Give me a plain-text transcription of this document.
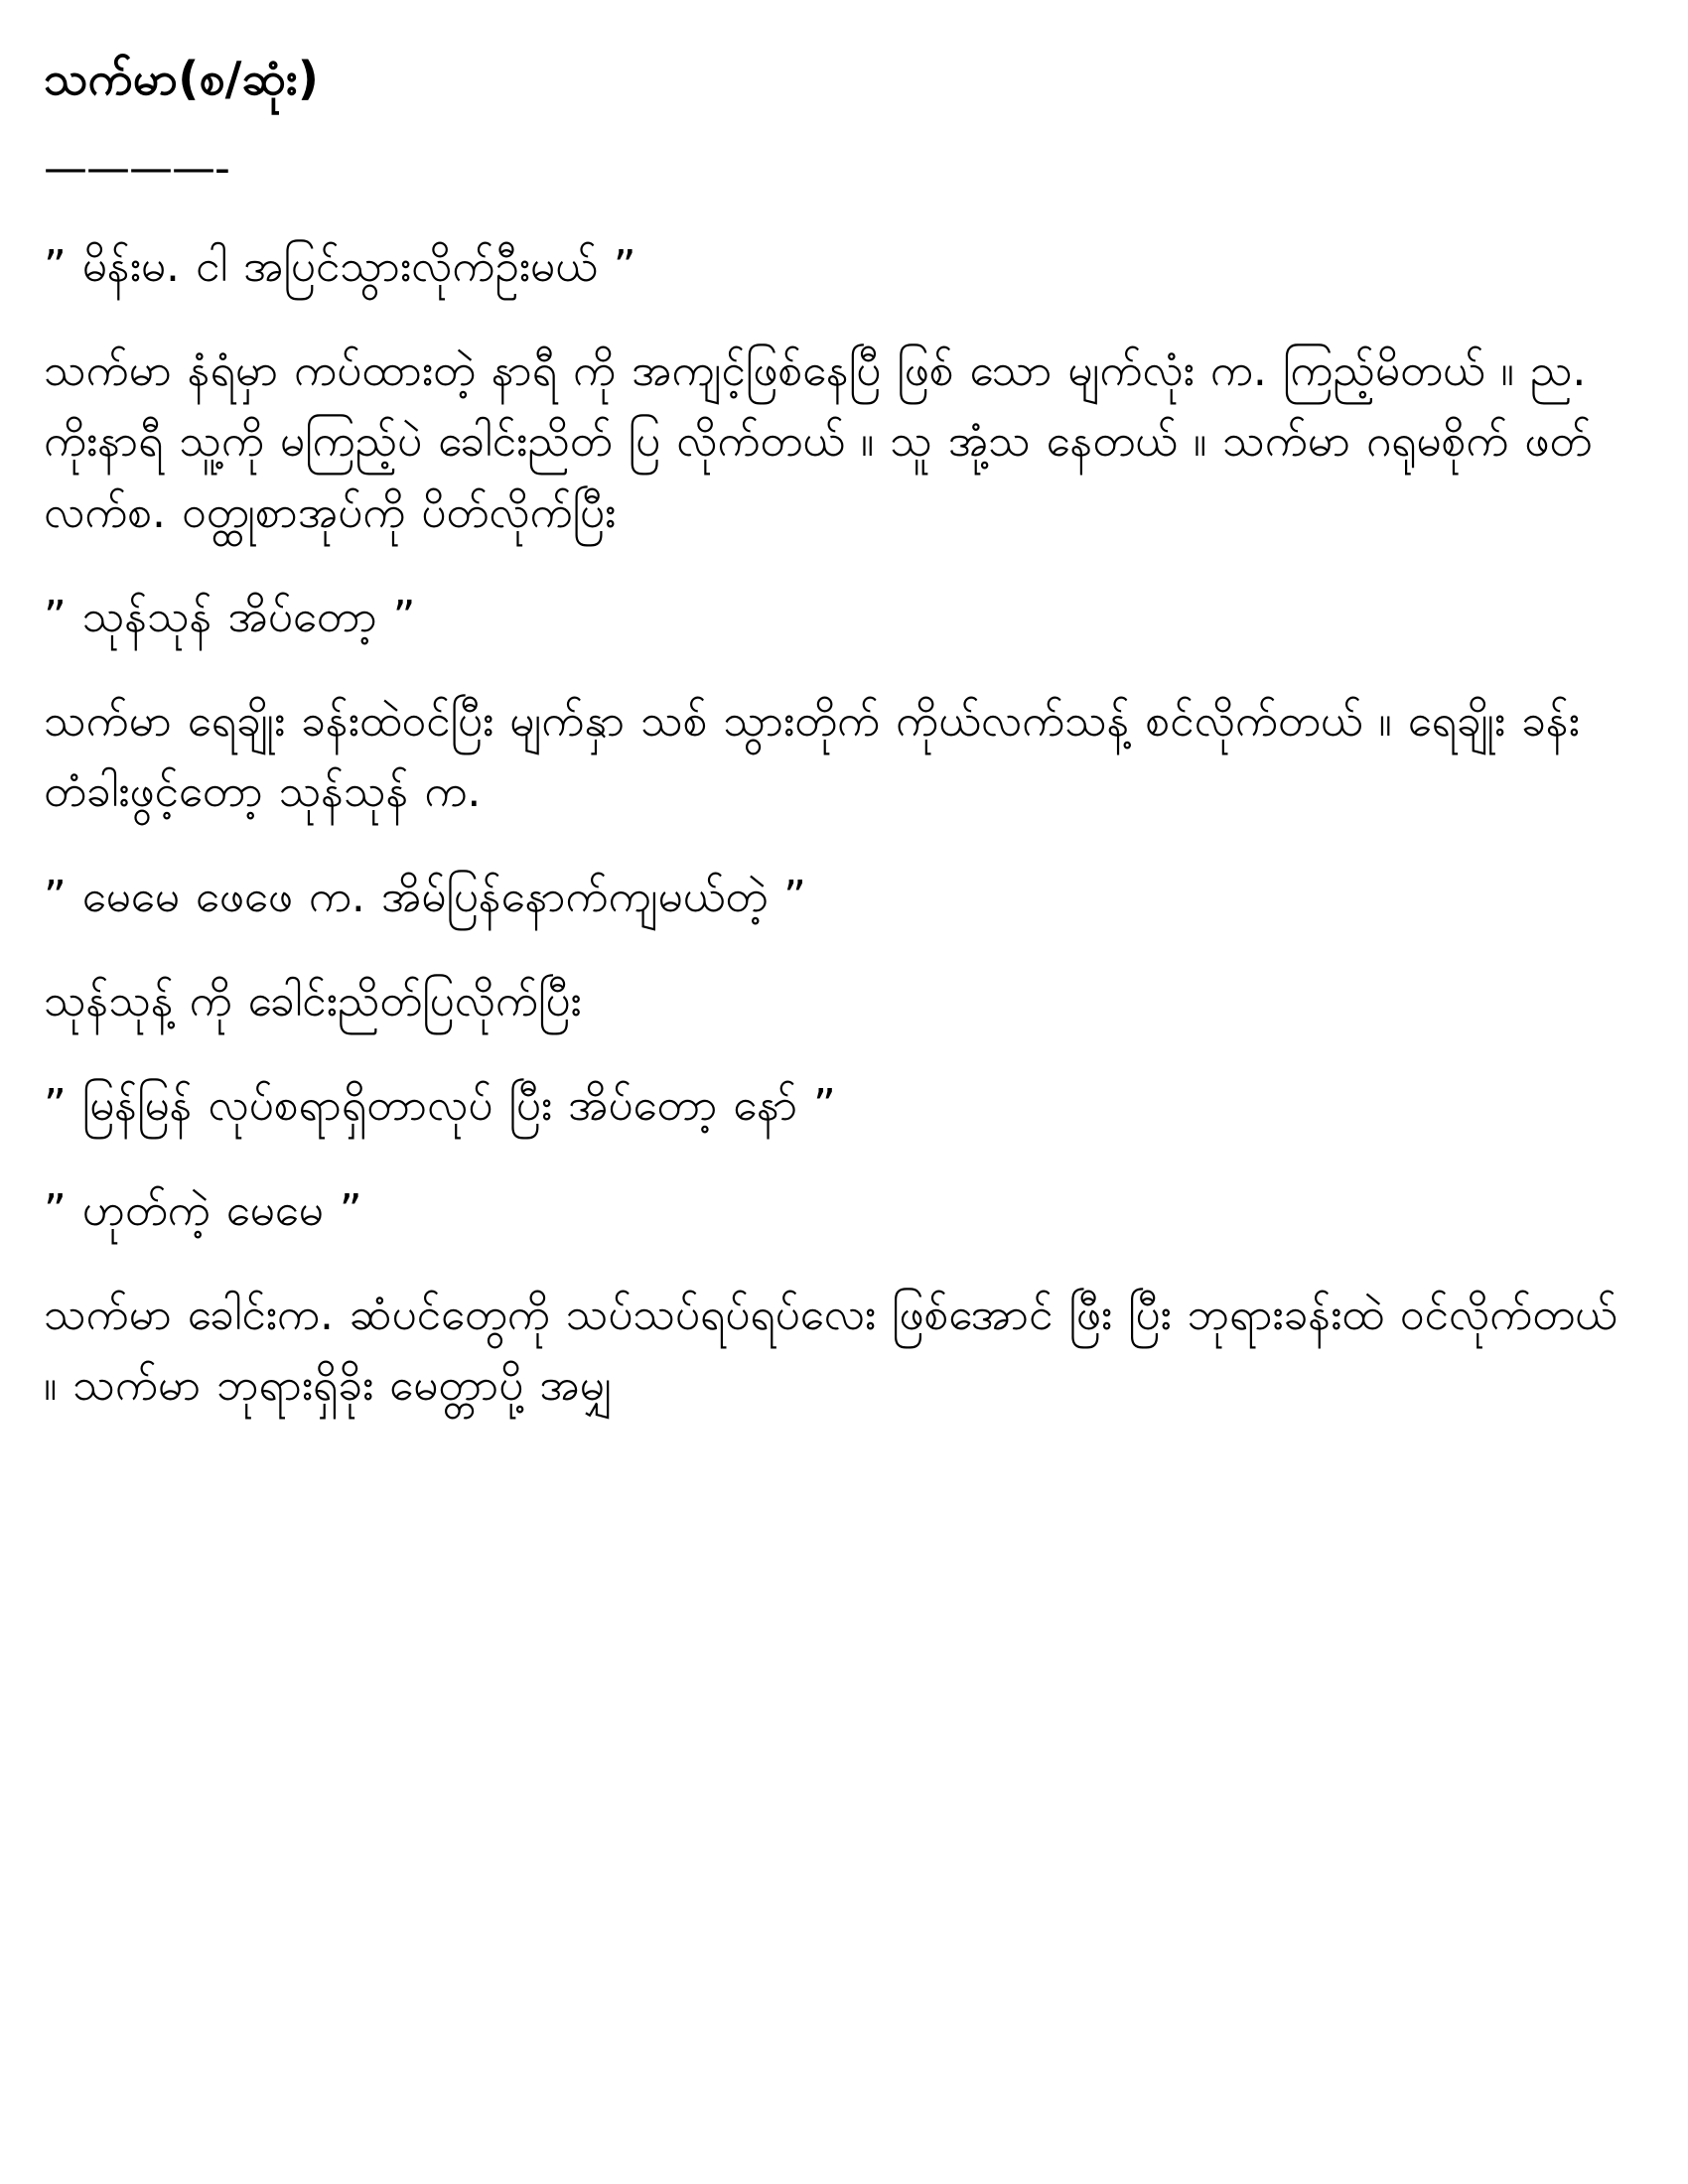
သက်မာ(စ/ဆုံး)
————-

” မိန်းမ. ငါ အပြင်သွားလိုက်ဦးမယ် ”

သက်မာ နံရံမှာ ကပ်ထားတဲ့ နာရီ ကို အကျင့်ဖြစ်နေပြီ ဖြစ် သော မျက်လုံး က. ကြည့်မိတယ် ။ ည. ကိုးနာရီ သူ့ကို မကြည့်ပဲ ခေါင်းညိတ် ပြ လိုက်တယ် ။ သူ အုံ့သ နေတယ် ။ သက်မာ ဂရုမစိုက် ဖတ်လက်စ. ဝတ္ထုစာအုပ်ကို ပိတ်လိုက်ပြီး

” သုန်သုန် အိပ်တော့ ”

သက်မာ ရေချိုး ခန်းထဲဝင်ပြီး မျက်နှာ သစ် သွားတိုက် ကိုယ်လက်သန့် စင်လိုက်တယ် ။ ရေချိုး ခန်းတံခါးဖွင့်တော့ သုန်သုန် က.

” မေမေ ဖေဖေ က. အိမ်ပြန်နောက်ကျမယ်တဲ့ ”

သုန်သုန့် ကို ခေါင်းညိတ်ပြလိုက်ပြီး

” မြန်မြန် လုပ်စရာရှိတာလုပ် ပြီး အိပ်တော့ နော် ”

” ဟုတ်ကဲ့ မေမေ ”

သက်မာ ခေါင်းက. ဆံပင်တွေကို သပ်သပ်ရပ်ရပ်လေး ဖြစ်အောင် ဖြီး ပြီး ဘုရားခန်းထဲ ဝင်လိုက်တယ် ။ သက်မာ ဘုရားရှိခိုး မေတ္တာပို့ အမျှ
